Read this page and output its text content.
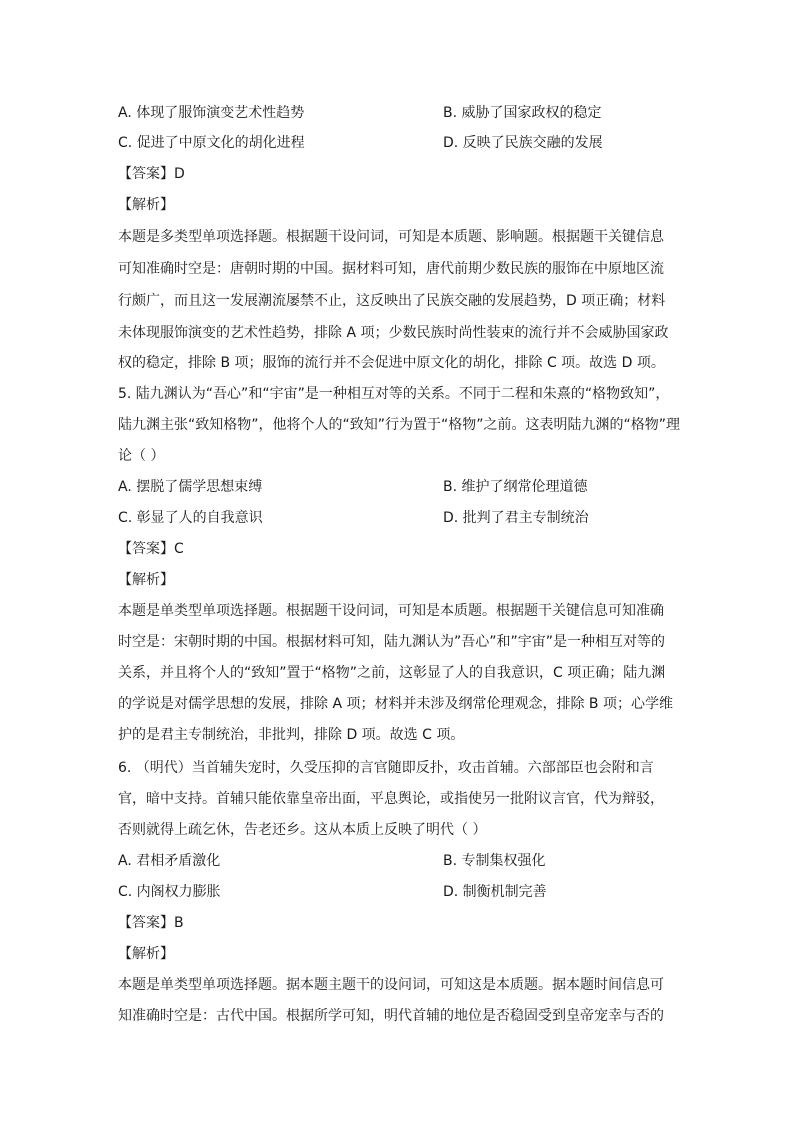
A. 体现了服饰演变艺术性趋势	B. 威胁了国家政权的稳定
C. 促进了中原文化的胡化进程	D. 反映了民族交融的发展
【答案】D
【解析】
本题是多类型单项选择题。根据题干设问词，可知是本质题、影响题。根据题干关键信息
可知准确时空是：唐朝时期的中国。据材料可知，唐代前期少数民族的服饰在中原地区流
行颇广，而且这一发展潮流屡禁不止，这反映出了民族交融的发展趋势，D 项正确；材料
未体现服饰演变的艺术性趋势，排除 A 项；少数民族时尚性装束的流行并不会威胁国家政
权的稳定，排除 B 项；服饰的流行并不会促进中原文化的胡化，排除 C 项。故选 D 项。
5. 陆九渊认为“吾心”和“宇宙”是一种相互对等的关系。不同于二程和朱熹的“格物致知”，
陆九渊主张“致知格物”，他将个人的“致知”行为置于“格物”之前。这表明陆九渊的“格物”理
论（ ）
A. 摆脱了儒学思想束缚	B. 维护了纲常伦理道德
C. 彰显了人的自我意识	D. 批判了君主专制统治
【答案】C
【解析】
本题是单类型单项选择题。根据题干设问词，可知是本质题。根据题干关键信息可知准确
时空是：宋朝时期的中国。根据材料可知，陆九渊认为”吾心”和”宇宙”是一种相互对等的
关系，并且将个人的“致知”置于“格物”之前，这彰显了人的自我意识，C 项正确；陆九渊
的学说是对儒学思想的发展，排除 A 项；材料并未涉及纲常伦理观念，排除 B 项；心学维
护的是君主专制统治，非批判，排除 D 项。故选 C 项。
6. （明代）当首辅失宠时，久受压抑的言官随即反扑，攻击首辅。六部部臣也会附和言
官，暗中支持。首辅只能依靠皇帝出面，平息舆论，或指使另一批附议言官，代为辩驳，
否则就得上疏乞休，告老还乡。这从本质上反映了明代（ ）
A. 君相矛盾激化	B. 专制集权强化
C. 内阁权力膨胀	D. 制衡机制完善
【答案】B
【解析】
本题是单类型单项选择题。据本题主题干的设问词，可知这是本质题。据本题时间信息可
知准确时空是：古代中国。根据所学可知，明代首辅的地位是否稳固受到皇帝宠幸与否的
